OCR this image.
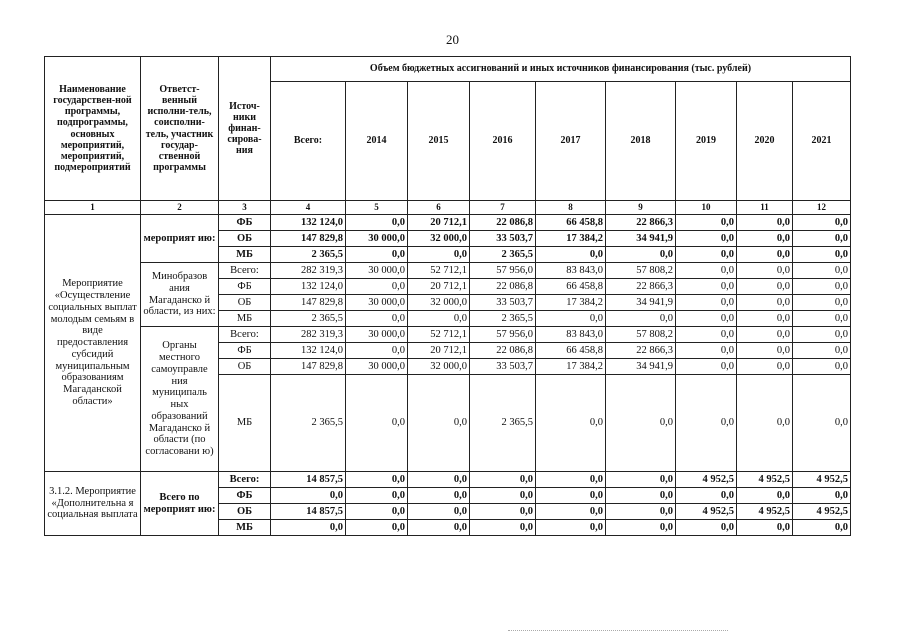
20
Наименование государствен-ной программы, подпрограммы, основных мероприятий, мероприятий, подмероприятий	Ответст-венный исполни-тель, соисполни-тель, участник государ-ственной программы	Источ-ники финан-сирова-ния	Объем бюджетных ассигнований и иных источников финансирования (тыс. рублей)								
			Всего:	2014	2015	2016	2017	2018	2019	2020	2021
1	2	3	4	5	6	7	8	9	10	11	12
Мероприятие «Осуществление социальных выплат молодым семьям в виде предоставления субсидий муниципальным образованиям Магаданской области»	мероприят ию:	ФБ	132 124,0	0,0	20 712,1	22 086,8	66 458,8	22 866,3	0,0	0,0	0,0
		ОБ	147 829,8	30 000,0	32 000,0	33 503,7	17 384,2	34 941,9	0,0	0,0	0,0
		МБ	2 365,5	0,0	0,0	2 365,5	0,0	0,0	0,0	0,0	0,0
	Минобразов ания Магаданско й области, из них:	Всего:	282 319,3	30 000,0	52 712,1	57 956,0	83 843,0	57 808,2	0,0	0,0	0,0
		ФБ	132 124,0	0,0	20 712,1	22 086,8	66 458,8	22 866,3	0,0	0,0	0,0
		ОБ	147 829,8	30 000,0	32 000,0	33 503,7	17 384,2	34 941,9	0,0	0,0	0,0
		МБ	2 365,5	0,0	0,0	2 365,5	0,0	0,0	0,0	0,0	0,0
	Органы местного самоуправле ния муниципаль ных образований Магаданско й области (по согласовани ю)	Всего:	282 319,3	30 000,0	52 712,1	57 956,0	83 843,0	57 808,2	0,0	0,0	0,0
		ФБ	132 124,0	0,0	20 712,1	22 086,8	66 458,8	22 866,3	0,0	0,0	0,0
		ОБ	147 829,8	30 000,0	32 000,0	33 503,7	17 384,2	34 941,9	0,0	0,0	0,0
		МБ	2 365,5	0,0	0,0	2 365,5	0,0	0,0	0,0	0,0	0,0
3.1.2. Мероприятие «Дополнительна я социальная выплата	Всего по мероприят ию:	Всего:	14 857,5	0,0	0,0	0,0	0,0	0,0	4 952,5	4 952,5	4 952,5
		ФБ	0,0	0,0	0,0	0,0	0,0	0,0	0,0	0,0	0,0
		ОБ	14 857,5	0,0	0,0	0,0	0,0	0,0	4 952,5	4 952,5	4 952,5
		МБ	0,0	0,0	0,0	0,0	0,0	0,0	0,0	0,0	0,0
